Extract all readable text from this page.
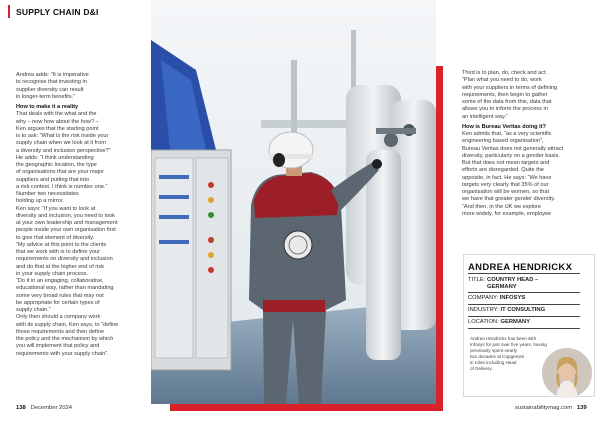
SUPPLY CHAIN D&I

Andrea adds: “It is imperative
to recognise that investing in
supplier diversity can result
in longer-term benefits.”

How to make it a reality

That deals with the what and the
why – now how about the how? –
Ken argues that the starting point
is to ask: “What is the risk inside your
supply chain when we look at it from
a diversity and inclusion perspective?”
He adds: “I think understanding
the geographic location, the type
of organisations that are your major
suppliers and putting that into
a risk context. I think is number one.”
Number two necessitates
holding up a mirror.
Ken says: “If you want to look at
diversity and inclusion, you need to look
at your own leadership and management
people inside your own organisation first
to give that element of diversity.
“My advice at this point to the clients
that we work with is to define your
requirements on diversity and inclusion
and do that at the higher end of risk
in your supply chain process.
“Do it in an engaging, collaborative,
educational way, rather than mandating
some very broad rules that may not
be appropriate for certain types of
supply chain.”
Only then should a company work
with its supply chain, Ken says, to “define
those requirements and then define
the policy and the mechanism by which
you will implement that policy and
requirements with your supply chain”.

Third is to plan, do, check and act.
“Plan what you need to do, work
with your suppliers in terms of defining
requirements, then begin to gather
some of the data from this, data that
allows you to inform the process in
an intelligent way.”

How is Bureau Veritas doing it?

Ken admits that, “as a very scientific
engineering based organisation”,
Bureau Veritas does not generally attract
diversity, particularly on a gender basis.
But that does not mean targets and
efforts are disregarded. Quite the
opposite, in fact. He says: “We have
targets very clearly that 35% of our
organisation will be women, so that
we have that greater gender diversity.
“And then, in the UK we explore
more widely, for example, employee

ANDREA HENDRICKX
TITLE: COUNTRY HEAD –
GERMANY
COMPANY: INFOSYS
INDUSTRY: IT CONSULTING
LOCATION: GERMANY
Andrea Hendrickx has been with
Infosys for just over five years, having
previously spent nearly
two decades at Capgemini
in roles including Head
of Delivery.
138 December 2024	sustainabilitymag.com 139
